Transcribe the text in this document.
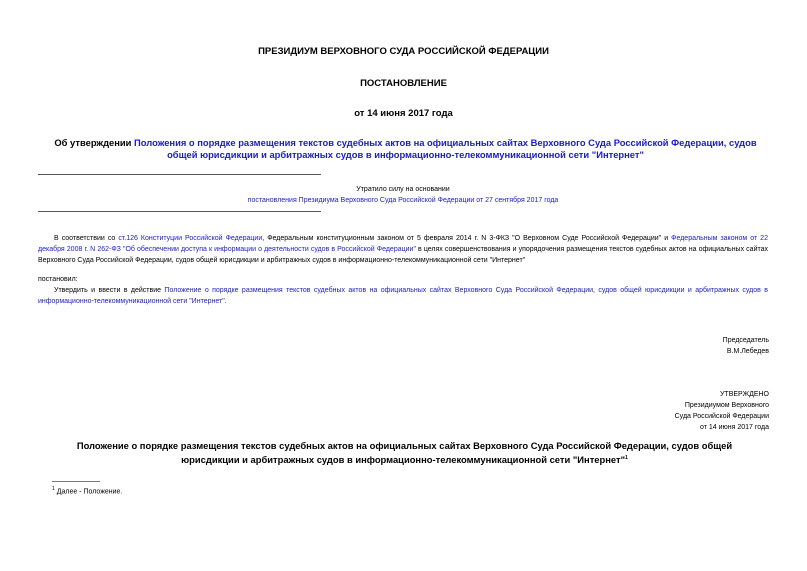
ПРЕЗИДИУМ ВЕРХОВНОГО СУДА РОССИЙСКОЙ ФЕДЕРАЦИИ

ПОСТАНОВЛЕНИЕ

от 14 июня 2017 года

Об утверждении Положения о порядке размещения текстов судебных актов на официальных сайтах Верховного Суда Российской Федерации, судов общей юрисдикции и арбитражных судов в информационно-телекоммуникационной сети "Интернет"

Утратило силу на основании

постановления Президиума Верховного Суда Российской Федерации от 27 сентября 2017 года

В соответствии со ст.126 Конституции Российской Федерации, Федеральным конституционным законом от 5 февраля 2014 г. N 3-ФКЗ "О Верховном Суде Российской Федерации" и Федеральным законом от 22 декабря 2008 г. N 262-ФЗ "Об обеспечении доступа к информации о деятельности судов в Российской Федерации" в целях совершенствования и упорядочения размещения текстов судебных актов на официальных сайтах Верховного Суда Российской Федерации, судов общей юрисдикции и арбитражных судов в информационно-телекоммуникационной сети "Интернет"

постановил:

Утвердить и ввести в действие Положение о порядке размещения текстов судебных актов на официальных сайтах Верховного Суда Российской Федерации, судов общей юрисдикции и арбитражных судов в информационно-телекоммуникационной сети "Интернет".

Председатель

В.М.Лебедев

УТВЕРЖДЕНО

Президиумом Верховного

Суда Российской Федерации

от 14 июня 2017 года

Положение о порядке размещения текстов судебных актов на официальных сайтах Верховного Суда Российской Федерации, судов общей юрисдикции и арбитражных судов в информационно-телекоммуникационной сети "Интернет"$^1$

$^1$ Далее - Положение.
